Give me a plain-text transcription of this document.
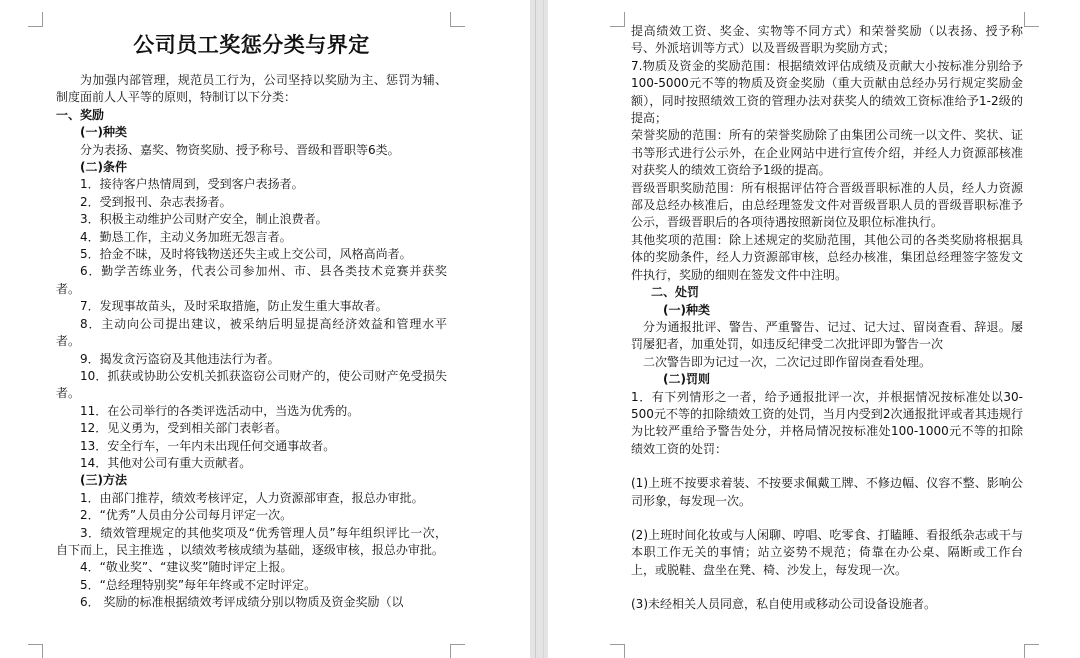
公司员工奖惩分类与界定

为加强内部管理，规范员工行为，公司坚持以奖励为主、惩罚为辅、制度面前人人平等的原则，特制订以下分类：

一、奖励

(一)种类

分为表扬、嘉奖、物资奖励、授予称号、晋级和晋职等6类。

(二)条件

1．接待客户热情周到，受到客户表扬者。

2．受到报刊、杂志表扬者。

3．积极主动维护公司财产安全，制止浪费者。

4．勤恳工作，主动义务加班无怨言者。

5．拾金不昧，及时将钱物送还失主或上交公司，风格高尚者。

6．勤学苦练业务，代表公司参加州、市、县各类技术竞赛并获奖者。

7．发现事故苗头，及时采取措施，防止发生重大事故者。

8．主动向公司提出建议，被采纳后明显提高经济效益和管理水平者。

9．揭发贪污盗窃及其他违法行为者。

10．抓获或协助公安机关抓获盗窃公司财产的，使公司财产免受损失者。

11．在公司举行的各类评选活动中，当选为优秀的。

12．见义勇为，受到相关部门表彰者。

13．安全行车，一年内未出现任何交通事故者。

14．其他对公司有重大贡献者。

(三)方法

1．由部门推荐，绩效考核评定，人力资源部审查，报总办审批。

2．“优秀”人员由分公司每月评定一次。

3．绩效管理规定的其他奖项及“优秀管理人员”每年组织评比一次，自下而上，民主推选 ，以绩效考核成绩为基础，逐级审核，报总办审批。

4．“敬业奖”、“建议奖”随时评定上报。

5．“总经理特别奖”每年年终或不定时评定。

6． 奖励的标准根据绩效考评成绩分别以物质及资金奖励（以

提高绩效工资、奖金、实物等不同方式）和荣誉奖励（以表扬、授予称号、外派培训等方式）以及晋级晋职为奖励方式；

7.物质及资金的奖励范围：根据绩效评估成绩及贡献大小按标准分别给予100-5000元不等的物质及资金奖励（重大贡献由总经办另行规定奖励金额），同时按照绩效工资的管理办法对获奖人的绩效工资标准给予1-2级的提高；

荣誉奖励的范围：所有的荣誉奖励除了由集团公司统一以文件、奖状、证书等形式进行公示外，在企业网站中进行宣传介绍，并经人力资源部核准对获奖人的绩效工资给予1级的提高。

晋级晋职奖励范围：所有根据评估符合晋级晋职标准的人员，经人力资源部及总经办核准后，由总经理签发文件对晋级晋职人员的晋级晋职标准予公示，晋级晋职后的各项待遇按照新岗位及职位标准执行。

其他奖项的范围：除上述规定的奖励范围，其他公司的各类奖励将根据具体的奖励条件，经人力资源部审核，总经办核准，集团总经理签字签发文件执行，奖励的细则在签发文件中注明。

二、处罚

(一)种类

分为通报批评、警告、严重警告、记过、记大过、留岗查看、辞退。屡罚屡犯者，加重处罚，如违反纪律受二次批评即为警告一次

二次警告即为记过一次，二次记过即作留岗查看处理。

(二)罚则

1．有下列情形之一者，给予通报批评一次，并根据情况按标准处以30-500元不等的扣除绩效工资的处罚，当月内受到2次通报批评或者其违规行为比较严重给予警告处分，并格局情况按标准处100-1000元不等的扣除绩效工资的处罚：

(1)上班不按要求着装、不按要求佩戴工牌、不修边幅、仪容不整、影响公司形象，每发现一次。

(2)上班时间化妆或与人闲聊、哼唱、吃零食、打瞌睡、看报纸杂志或干与本职工作无关的事情；站立姿势不规范；倚靠在办公桌、隔断或工作台上，或脱鞋、盘坐在凳、椅、沙发上，每发现一次。

(3)未经相关人员同意，私自使用或移动公司设备设施者。
